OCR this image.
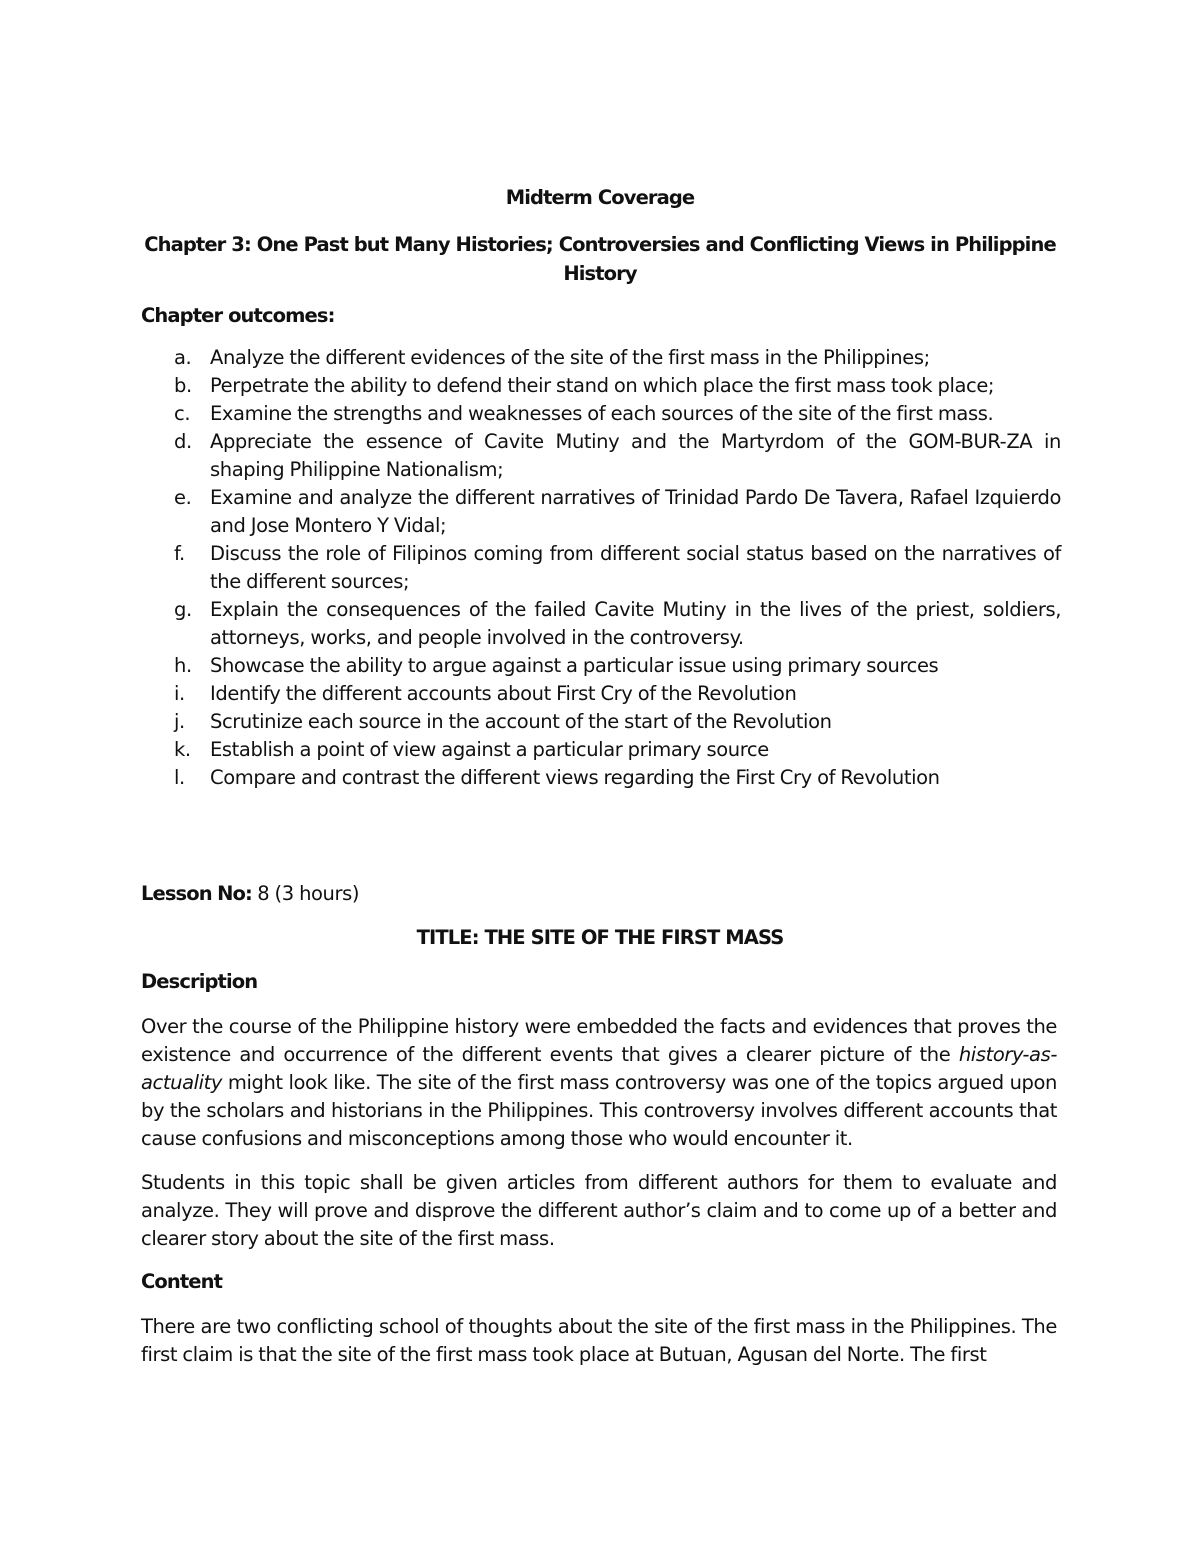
Midterm Coverage
Chapter 3: One Past but Many Histories; Controversies and Conflicting Views in Philippine History
Chapter outcomes:
a. Analyze the different evidences of the site of the first mass in the Philippines;
b. Perpetrate the ability to defend their stand on which place the first mass took place;
c.	Examine the strengths and weaknesses of each sources of the site of the first mass.
d. Appreciate the essence of Cavite Mutiny and the Martyrdom of the GOM-BUR-ZA in shaping Philippine Nationalism;
e. Examine and analyze the different narratives of Trinidad Pardo De Tavera, Rafael Izquierdo and Jose Montero Y Vidal;
f.	Discuss the role of Filipinos coming from different social status based on the narratives of the different sources;
g. Explain the consequences of the failed Cavite Mutiny in the lives of the priest, soldiers, attorneys, works, and people involved in the controversy.
h. Showcase the ability to argue against a particular issue using primary sources
i.	Identify the different accounts about First Cry of the Revolution
j.	Scrutinize each source in the account of the start of the Revolution
k. Establish a point of view against a particular primary source
l.	Compare and contrast the different views regarding the First Cry of Revolution
Lesson No: 8 (3 hours)
TITLE: THE SITE OF THE FIRST MASS
Description

Over the course of the Philippine history were embedded the facts and evidences that proves the existence and occurrence of the different events that gives a clearer picture of the history-as- actuality might look like. The site of the first mass controversy was one of the topics argued upon by the scholars and historians in the Philippines. This controversy involves different accounts that cause confusions and misconceptions among those who would encounter it.

Students in this topic shall be given articles from different authors for them to evaluate and analyze. They will prove and disprove the different author’s claim and to come up of a better and clearer story about the site of the first mass.

Content

There are two conflicting school of thoughts about the site of the first mass in the Philippines. The first claim is that the site of the first mass took place at Butuan, Agusan del Norte. The first
